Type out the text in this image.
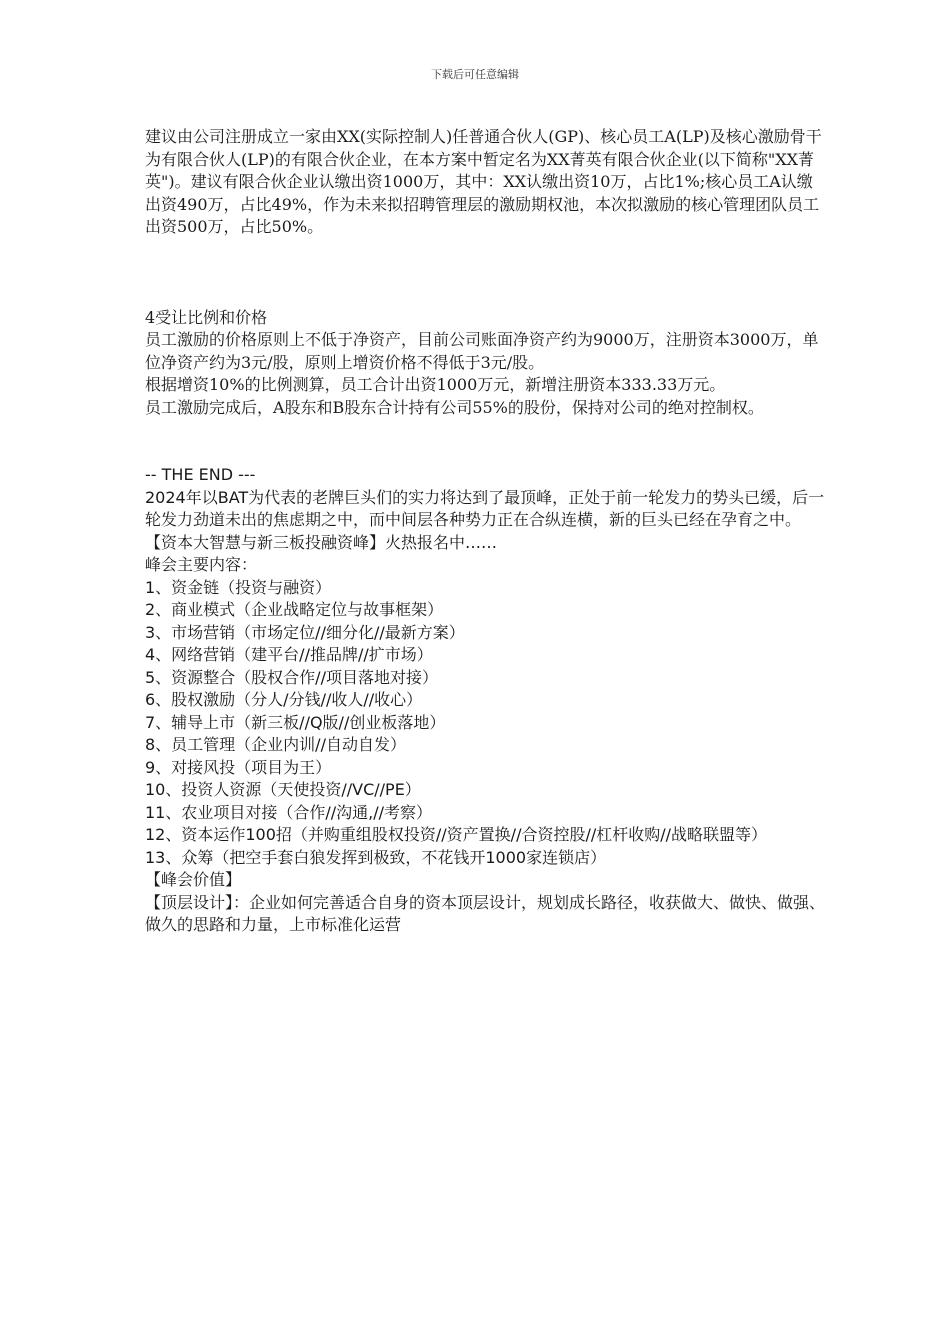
下载后可任意编辑

建议由公司注册成立一家由XX(实际控制人)任普通合伙人(GP)、核心员工A(LP)及核心激励骨干为有限合伙人(LP)的有限合伙企业，在本方案中暂定名为XX菁英有限合伙企业(以下简称"XX菁英")。建议有限合伙企业认缴出资1000万，其中：XX认缴出资10万，占比1%;核心员工A认缴出资490万，占比49%，作为未来拟招聘管理层的激励期权池，本次拟激励的核心管理团队员工出资500万，占比50%。

4受让比例和价格

员工激励的价格原则上不低于净资产，目前公司账面净资产约为9000万，注册资本3000万，单位净资产约为3元/股，原则上增资价格不得低于3元/股。

根据增资10%的比例测算，员工合计出资1000万元，新增注册资本333.33万元。

员工激励完成后，A股东和B股东合计持有公司55%的股份，保持对公司的绝对控制权。

-- THE END ---

2024年以BAT为代表的老牌巨头们的实力将达到了最顶峰，正处于前一轮发力的势头已缓，后一轮发力劲道未出的焦虑期之中，而中间层各种势力正在合纵连横，新的巨头已经在孕育之中。

【资本大智慧与新三板投融资峰】火热报名中……

峰会主要内容：

1、资金链（投资与融资）
2、商业模式（企业战略定位与故事框架）
3、市场营销（市场定位//细分化//最新方案）
4、网络营销（建平台//推品牌//扩市场）
5、资源整合（股权合作//项目落地对接）
6、股权激励（分人/分钱//收人//收心）
7、辅导上市（新三板//Q版//创业板落地）
8、员工管理（企业内训//自动自发）
9、对接风投（项目为王）
10、投资人资源（天使投资//VC//PE）
11、农业项目对接（合作//沟通,//考察）
12、资本运作100招（并购重组股权投资//资产置换//合资控股//杠杆收购//战略联盟等）
13、众筹（把空手套白狼发挥到极致，不花钱开1000家连锁店）

【峰会价值】

【顶层设计】：企业如何完善适合自身的资本顶层设计，规划成长路径，收获做大、做快、做强、做久的思路和力量，上市标准化运营
